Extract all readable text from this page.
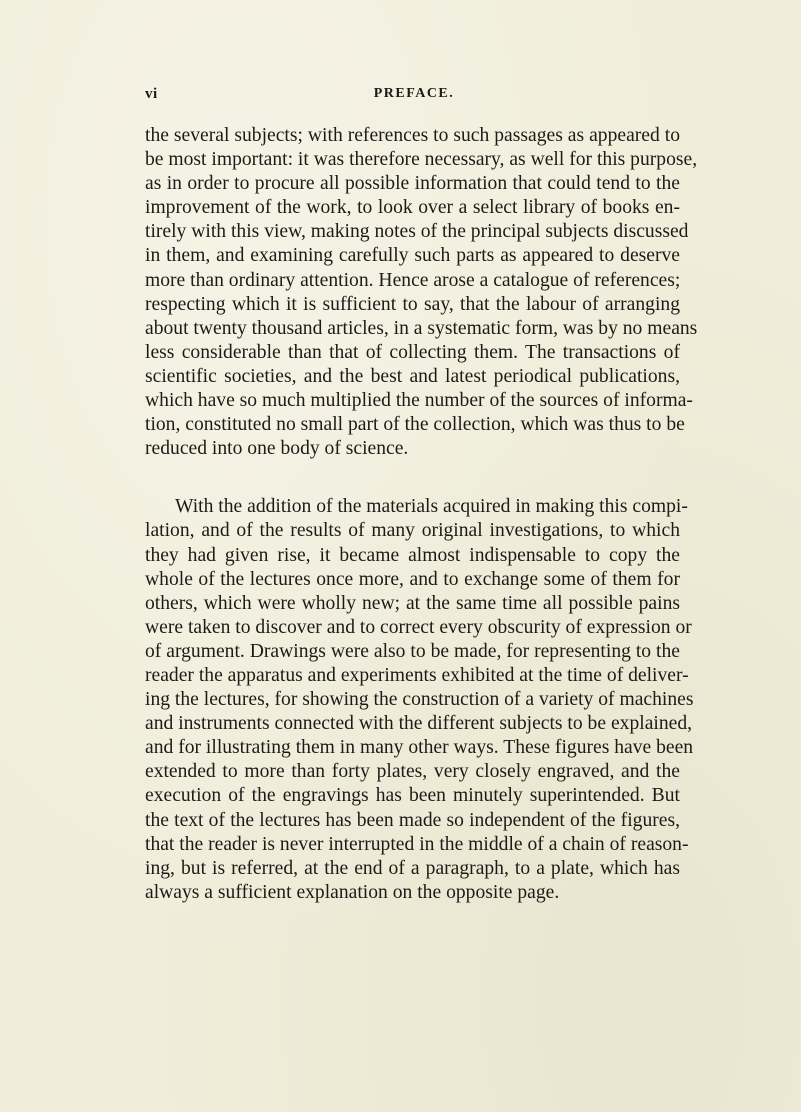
vi	PREFACE.

the several subjects; with references to such passages as appeared to
be most important: it was therefore necessary, as well for this purpose,
as in order to procure all possible information that could tend to the
improvement of the work, to look over a select library of books en-
tirely with this view, making notes of the principal subjects discussed
in them, and examining carefully such parts as appeared to deserve
more than ordinary attention. Hence arose a catalogue of references;
respecting which it is sufficient to say, that the labour of arranging
about twenty thousand articles, in a systematic form, was by no means
less considerable than that of collecting them. The transactions of
scientific societies, and the best and latest periodical publications,
which have so much multiplied the number of the sources of informa-
tion, constituted no small part of the collection, which was thus to be
reduced into one body of science.

With the addition of the materials acquired in making this compi-
lation, and of the results of many original investigations, to which
they had given rise, it became almost indispensable to copy the
whole of the lectures once more, and to exchange some of them for
others, which were wholly new; at the same time all possible pains
were taken to discover and to correct every obscurity of expression or
of argument. Drawings were also to be made, for representing to the
reader the apparatus and experiments exhibited at the time of deliver-
ing the lectures, for showing the construction of a variety of machines
and instruments connected with the different subjects to be explained,
and for illustrating them in many other ways. These figures have been
extended to more than forty plates, very closely engraved, and the
execution of the engravings has been minutely superintended. But
the text of the lectures has been made so independent of the figures,
that the reader is never interrupted in the middle of a chain of reason-
ing, but is referred, at the end of a paragraph, to a plate, which has
always a sufficient explanation on the opposite page.
